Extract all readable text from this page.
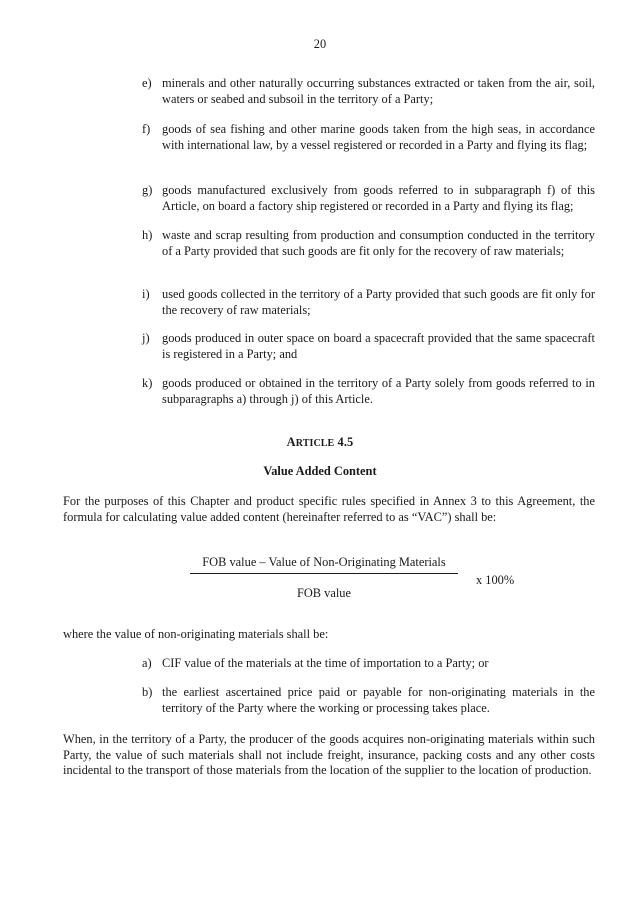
20
e) minerals and other naturally occurring substances extracted or taken from the air, soil, waters or seabed and subsoil in the territory of a Party;
f) goods of sea fishing and other marine goods taken from the high seas, in accordance with international law, by a vessel registered or recorded in a Party and flying its flag;
g) goods manufactured exclusively from goods referred to in subparagraph f) of this Article, on board a factory ship registered or recorded in a Party and flying its flag;
h) waste and scrap resulting from production and consumption conducted in the territory of a Party provided that such goods are fit only for the recovery of raw materials;
i)	used goods collected in the territory of a Party provided that such goods are fit only for the recovery of raw materials;
j)	goods produced in outer space on board a spacecraft provided that the same spacecraft is registered in a Party; and
k) goods produced or obtained in the territory of a Party solely from goods referred to in subparagraphs a) through j) of this Article.
ARTICLE 4.5
Value Added Content
For the purposes of this Chapter and product specific rules specified in Annex 3 to this Agreement, the formula for calculating value added content (hereinafter referred to as “VAC”) shall be:
FOB value – Value of Non-Originating Materials
FOB value
x 100%
where the value of non-originating materials shall be:
a) CIF value of the materials at the time of importation to a Party; or
b) the earliest ascertained price paid or payable for non-originating materials in the territory of the Party where the working or processing takes place.
When, in the territory of a Party, the producer of the goods acquires non-originating materials within such Party, the value of such materials shall not include freight, insurance, packing costs and any other costs incidental to the transport of those materials from the location of the supplier to the location of production.
